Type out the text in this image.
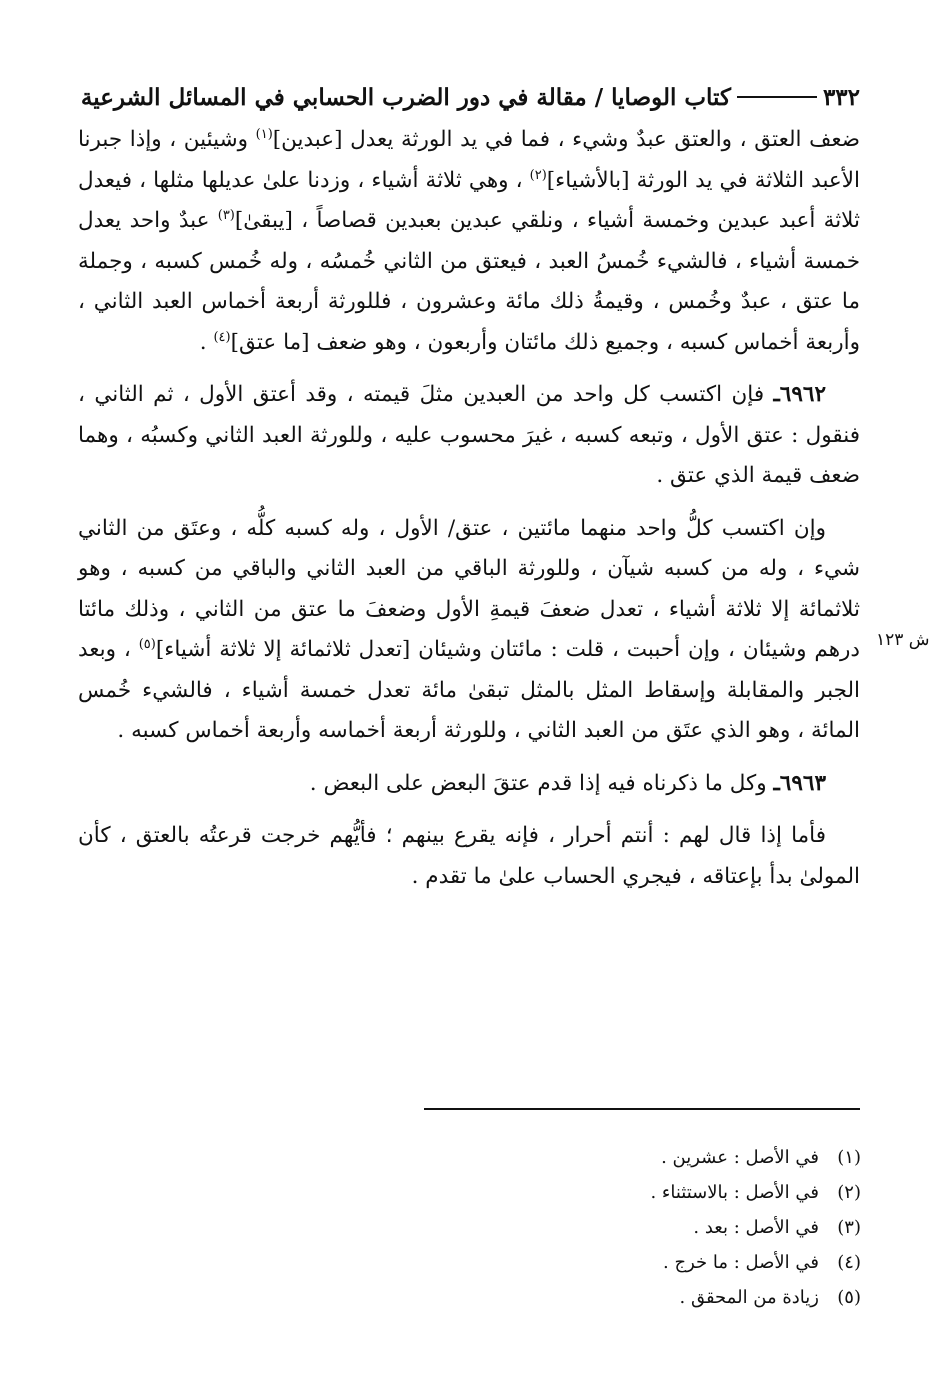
٣٣٢
كتاب الوصايا / مقالة في دور الضرب الحسابي في المسائل الشرعية

ضعف العتق ، والعتق عبدٌ وشيء ، فما في يد الورثة يعدل [عبدين]$^{(١)}$ وشيئين ، وإذا جبرنا الأعبد الثلاثة في يد الورثة [بالأشياء]$^{(٢)}$ ، وهي ثلاثة أشياء ، وزدنا علىٰ عديلها مثلها ، فيعدل ثلاثة أعبد عبدين وخمسة أشياء ، ونلقي عبدين بعبدين قصاصاً ، [يبقىٰ]$^{(٣)}$ عبدٌ واحد يعدل خمسة أشياء ، فالشيء خُمسُ العبد ، فيعتق من الثاني خُمسُه ، وله خُمس كسبه ، وجملة ما عتق ، عبدٌ وخُمس ، وقيمةُ ذلك مائة وعشرون ، فللورثة أربعة أخماس العبد الثاني ، وأربعة أخماس كسبه ، وجميع ذلك مائتان وأربعون ، وهو ضعف [ما عتق]$^{(٤)}$ .

٦٩٦٢ـ فإن اكتسب كل واحد من العبدين مثلَ قيمته ، وقد أعتق الأول ، ثم الثاني ، فنقول : عتق الأول ، وتبعه كسبه ، غيرَ محسوب عليه ، وللورثة العبد الثاني وكسبُه ، وهما ضعف قيمة الذي عتق .

وإن اكتسب كلُّ واحد منهما مائتين ، عتق/ الأول ، وله كسبه كلُّه ، وعتَق من الثاني شيء ، وله من كسبه شيآن ، وللورثة الباقي من العبد الثاني والباقي من كسبه ، وهو ثلاثمائة إلا ثلاثة أشياء ، تعدل ضعفَ قيمةِ الأول وضعفَ ما عتق من الثاني ، وذلك مائتا درهم وشيئان ، وإن أحببت ، قلت : مائتان وشيئان [تعدل ثلاثمائة إلا ثلاثة أشياء]$^{(٥)}$ ، وبعد الجبر والمقابلة وإسقاط المثل بالمثل تبقىٰ مائة تعدل خمسة أشياء ، فالشيء خُمس المائة ، وهو الذي عتَق من العبد الثاني ، وللورثة أربعة أخماسه وأربعة أخماس كسبه .

٦٩٦٣ـ وكل ما ذكرناه فيه إذا قدم عتقَ البعض على البعض .

فأما إذا قال لهم : أنتم أحرار ، فإنه يقرع بينهم ؛ فأيُّهم خرجت قرعتُه بالعتق ، كأن المولىٰ بدأ بإعتاقه ، فيجري الحساب علىٰ ما تقدم .

ش ١٢٣
(١)في الأصل : عشرين .
(٢)في الأصل : بالاستثناء .
(٣)في الأصل : بعد .
(٤)في الأصل : ما خرج .
(٥)زيادة من المحقق .
